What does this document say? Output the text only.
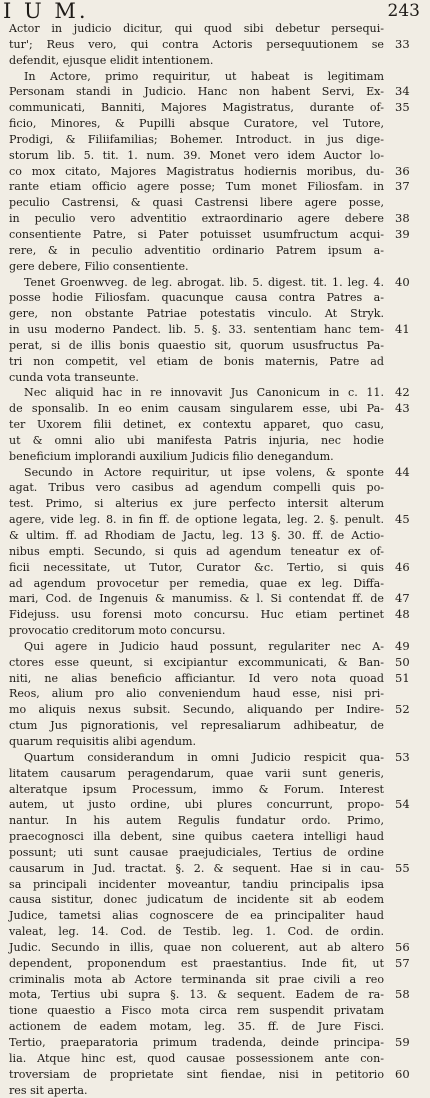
I U M.	243
Actor in judicio dicitur, qui quod sibi debetur persequi-
tur'; Reus vero, qui contra Actoris persequutionem se 33
defendit, ejusque elidit intentionem.
In Actore, primo requiritur, ut habeat is legitimam
Personam standi in Judicio. Hanc non habent Servi, Ex- 34
communicati, Banniti, Majores Magistratus, durante of- 35
ficio, Minores, & Pupilli absque Curatore, vel Tutore,
Prodigi, & Filiifamilias; Bohemer. Introduct. in jus dige-
storum lib. 5. tit. 1. num. 39. Monet vero idem Auctor lo-
co mox citato, Majores Magistratus hodiernis moribus, du- 36
rante etiam officio agere posse; Tum monet Filiosfam. in 37
peculio Castrensi, & quasi Castrensi libere agere posse,
in peculio vero adventitio extraordinario agere debere 38
consentiente Patre, si Pater potuisset usumfructum acqui- 39
rere, & in peculio adventitio ordinario Patrem ipsum a-
gere debere, Filio consentiente.
Tenet Groenwveg. de leg. abrogat. lib. 5. digest. tit. 1. leg. 4. 40
posse hodie Filiosfam. quacunque causa contra Patres a-
gere, non obstante Patriae potestatis vinculo. At Stryk.
in usu moderno Pandect. lib. 5. §. 33. sententiam hanc tem- 41
perat, si de illis bonis quaestio sit, quorum ususfructus Pa-
tri non competit, vel etiam de bonis maternis, Patre ad
cunda vota transeunte.
Nec aliquid hac in re innovavit Jus Canonicum in c. 11. 42
de sponsalib. In eo enim causam singularem esse, ubi Pa- 43
ter Uxorem filii detinet, ex contextu apparet, quo casu,
ut & omni alio ubi manifesta Patris injuria, nec hodie
beneficium implorandi auxilium Judicis filio denegandum.
Secundo in Actore requiritur, ut ipse volens, & sponte 44
agat. Tribus vero casibus ad agendum compelli quis po-
test. Primo, si alterius ex jure perfecto intersit alterum
agere, vide leg. 8. in fin ff. de optione legata, leg. 2. §. penult. 45
& ultim. ff. ad Rhodiam de Jactu, leg. 13 §. 30. ff. de Actio-
nibus empti. Secundo, si quis ad agendum teneatur ex of-
ficii necessitate, ut Tutor, Curator &c. Tertio, si quis 46
ad agendum provocetur per remedia, quae ex leg. Diffa-
mari, Cod. de Ingenuis & manumiss. & l. Si contendat ff. de 47
Fidejuss. usu forensi moto concursu. Huc etiam pertinet 48
provocatio creditorum moto concursu.
Qui agere in Judicio haud possunt, regulariter nec A- 49
ctores esse queunt, si excipiantur excommunicati, & Ban- 50
niti, ne alias beneficio afficiantur. Id vero nota quoad 51
Reos, alium pro alio conveniendum haud esse, nisi pri-
mo aliquis nexus subsit. Secundo, aliquando per Indire- 52
ctum Jus pignorationis, vel represaliarum adhibeatur, de
quarum requisitis alibi agendum.
Quartum considerandum in omni Judicio respicit qua- 53
litatem causarum peragendarum, quae varii sunt generis,
alteratque ipsum Processum, immo & Forum. Interest
autem, ut justo ordine, ubi plures concurrunt, propo- 54
nantur. In his autem Regulis fundatur ordo. Primo,
praecognosci illa debent, sine quibus caetera intelligi haud
possunt; uti sunt causae praejudiciales, Tertius de ordine
causarum in Jud. tractat. §. 2. & sequent. Hae si in cau- 55
sa principali incidenter moveantur, tandiu principalis ipsa
causa sistitur, donec judicatum de incidente sit ab eodem
Judice, tametsi alias cognoscere de ea principaliter haud
valeat, leg. 14. Cod. de Testib. leg. 1. Cod. de ordin.
Judic. Secundo in illis, quae non coluerent, aut ab altero 56
dependent, proponendum est praestantius. Inde fit, ut 57
criminalis mota ab Actore terminanda sit prae civili a reo
mota, Tertius ubi supra §. 13. & sequent. Eadem de ra- 58
tione quaestio a Fisco mota circa rem suspendit privatam
actionem de eadem motam, leg. 35. ff. de Jure Fisci.
Tertio, praeparatoria primum tradenda, deinde principa- 59
lia. Atque hinc est, quod causae possessionem ante con-
troversiam de proprietate sint fiendae, nisi in petitorio 60
res sit aperta.
